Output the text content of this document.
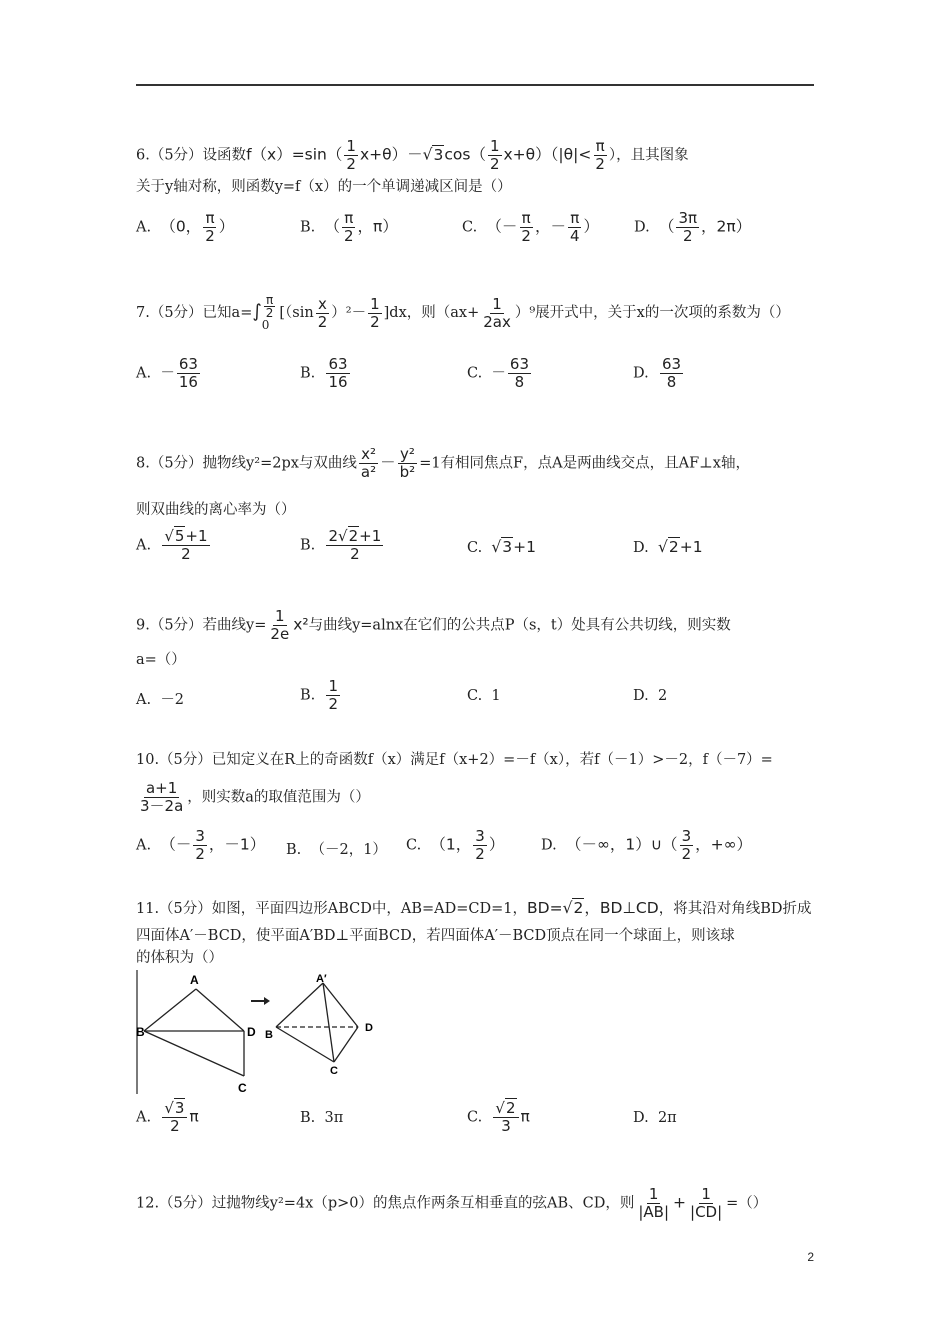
6.（5分）设函数$f(x)=\sin( \frac{1}{2} x+\theta)-√3\cos( \frac{1}{2} x+\theta)(|\theta|< \frac{\pi}{2}$ ），且其图象
关于y轴对称，则函数y=f（x）的一个单调递减区间是（）
A. （0， $\frac{\pi}{2}$ ）	B. （ $\frac{\pi}{2}$ ，π）	C. （－ $\frac{\pi}{2}$ ，－ $\frac{\pi}{4}$ ） D. （ $\frac{3\pi}{2}$ ，2π）
7.（5分）已知$a=\int \frac{\pi}{2}$
0
$[(\sin \frac{x}{2} )^2- \frac{1}{2} ]dx$，则$(ax+ \frac{1}{2ax} )^9$展开式中，关于x的一次项的系数为（）
A. － $\frac{63}{16}$	B. $\frac{63}{16}$	C. － $\frac{63}{8}$	D. $\frac{63}{8}$
8.（5分）抛物线y²=2px与双曲线 $\frac{\text{x²}}{\text{a²}} - \frac{\text{y²}}{\text{b²}} =1$有相同焦点F，点A是两曲线交点，且AF⊥x轴，
则双曲线的离心率为（）
A. $\frac{√5+1}{2}$	B. $\frac{2√2+1}{2}$	C. √3+1	D. √2+1
9.（5分）若曲线$y= \frac{1}{2e} x^2$与曲线y=alnx在它们的公共点P（s，t）处具有公共切线，则实数
a=（）
A. －2	B. $\frac{1}{2}$	C. 1	D. 2
10.（5分）已知定义在R上的奇函数f（x）满足f（x+2）=－f（x），若f（－1）>－2，f（－7）=
$\frac{a+1}{3-2a}$ ，则实数a的取值范围为（）
A. （－ $\frac{3}{2}$ ，－1） B. （－2，1） C. （1， $\frac{3}{2}$ ）	D. （－∞，1）∪（ $\frac{3}{2}$ ，+∞）
11.（5分）如图，平面四边形ABCD中，AB=AD=CD=1，BD=√2，BD⊥CD，将其沿对角线BD折成
四面体A′－BCD，使平面A′BD⊥平面BCD，若四面体A′－BCD顶点在同一个球面上，则该球
的体积为（）
A
B	D
C
A′
B
D
C
A. $\frac{√3}{2}$ π	B. 3π	C. $\frac{√2}{3}$ π	D. 2π
12.（5分）过抛物线y²=4x（p>0）的焦点作两条互相垂直的弦AB、CD，则 $\frac{1}{|AB|} + \frac{1}{|CD|}$ =（）
2
